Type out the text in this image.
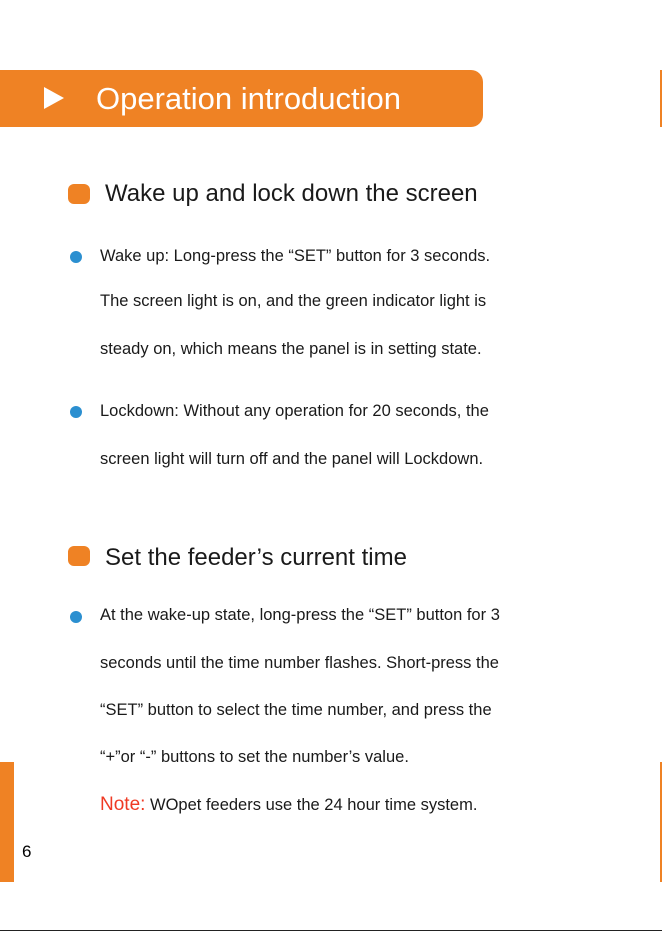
Operation introduction
Wake up and lock down the screen
Wake up: Long-press the “SET” button for 3 seconds.
The screen light is on, and the green indicator light is
steady on, which means the panel is in setting state.
Lockdown: Without any operation for 20 seconds, the
screen light will turn off and the panel will Lockdown.
Set the feeder’s current time
At the wake-up state, long-press the “SET” button for 3
seconds until the time number flashes. Short-press the
“SET” button to select the time number, and press the
“+”or “-” buttons to set the number’s value.
Note: WOpet feeders use the 24 hour time system.
6
